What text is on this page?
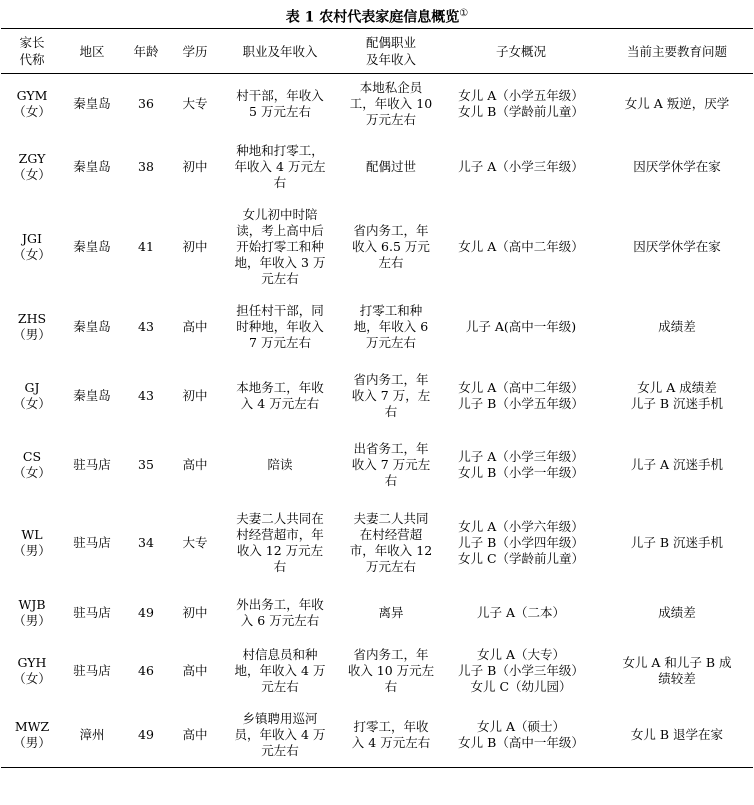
表 1 农村代表家庭信息概览①
家长
代称	地区	年龄	学历	职业及年收入	配偶职业
及年收入	子女概况	当前主要教育问题

GYM
（女）	秦皇岛	36	大专	村干部，年收入
5 万元左右	本地私企员
工，年收入 10
万元左右	女儿 A（小学五年级）
女儿 B（学龄前儿童）	女儿 A 叛逆，厌学

ZGY
（女）	秦皇岛	38	初中	种地和打零工，
年收入 4 万元左
右	配偶过世	儿子 A（小学三年级）	因厌学休学在家

JGI
（女）	秦皇岛	41	初中	女儿初中时陪
读，考上高中后
开始打零工和种
地，年收入 3 万
元左右	省内务工，年
收入 6.5 万元
左右	女儿 A（高中二年级）	因厌学休学在家

ZHS
（男）	秦皇岛	43	高中	担任村干部，同
时种地，年收入
7 万元左右	打零工和种
地，年收入 6
万元左右	儿子 A(高中一年级)	成绩差

GJ
（女）	秦皇岛	43	初中	本地务工，年收
入 4 万元左右	省内务工，年
收入 7 万，左
右	女儿 A（高中二年级）
儿子 B（小学五年级）	女儿 A 成绩差
儿子 B 沉迷手机

CS
（女）	驻马店	35	高中	陪读	出省务工，年
收入 7 万元左
右	儿子 A（小学三年级）
女儿 B（小学一年级）	儿子 A 沉迷手机

WL
（男）	驻马店	34	大专	夫妻二人共同在
村经营超市，年
收入 12 万元左
右	夫妻二人共同
在村经营超
市，年收入 12
万元左右	女儿 A（小学六年级）
儿子 B（小学四年级）
女儿 C（学龄前儿童）	儿子 B 沉迷手机

WJB
（男）	驻马店	49	初中	外出务工，年收
入 6 万元左右	离异	儿子 A（二本）	成绩差

GYH
（女）	驻马店	46	高中	村信息员和种
地，年收入 4 万
元左右	省内务工，年
收入 10 万元左
右	女儿 A（大专）
儿子 B（小学三年级）
女儿 C（幼儿园）	女儿 A 和儿子 B 成
绩较差

MWZ
（男）	漳州	49	高中	乡镇聘用巡河
员，年收入 4 万
元左右	打零工，年收
入 4 万元左右	女儿 A（硕士）
女儿 B（高中一年级）	女儿 B 退学在家
